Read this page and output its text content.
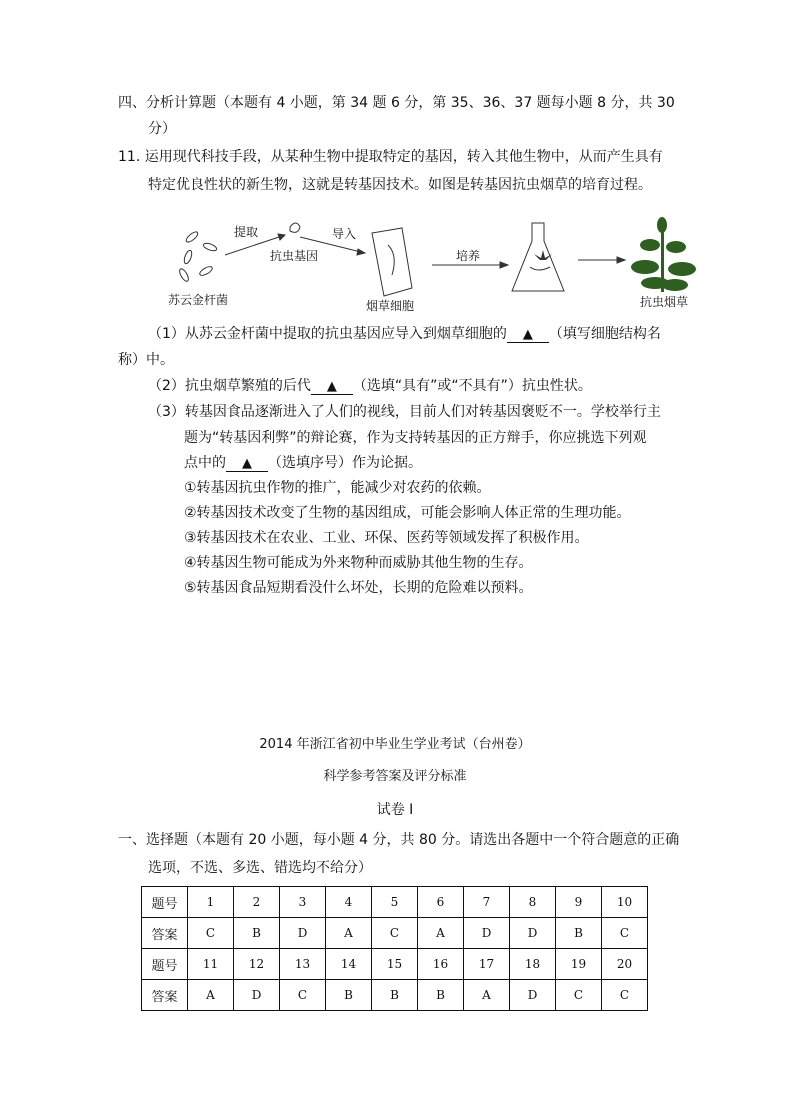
四、分析计算题（本题有 4 小题，第 34 题 6 分，第 35、36、37 题每小题 8 分，共 30
分）
11. 运用现代科技手段，从某种生物中提取特定的基因，转入其他生物中，从而产生具有
特定优良性状的新生物，这就是转基因技术。如图是转基因抗虫烟草的培育过程。
提取
抗虫基因
导入
苏云金杆菌	烟草细胞
培养
抗虫烟草
（1）从苏云金杆菌中提取的抗虫基因应导入到烟草细胞的 ▲ （填写细胞结构名
称）中。
（2）抗虫烟草繁殖的后代 ▲ （选填“具有”或“不具有”）抗虫性状。
（3）转基因食品逐渐进入了人们的视线，目前人们对转基因褒贬不一。学校举行主
题为“转基因利弊”的辩论赛，作为支持转基因的正方辩手，你应挑选下列观
点中的 ▲ （选填序号）作为论据。
①转基因抗虫作物的推广，能减少对农药的依赖。
②转基因技术改变了生物的基因组成，可能会影响人体正常的生理功能。
③转基因技术在农业、工业、环保、医药等领域发挥了积极作用。
④转基因生物可能成为外来物种而威胁其他生物的生存。
⑤转基因食品短期看没什么坏处，长期的危险难以预料。
2014 年浙江省初中毕业生学业考试（台州卷）
科学参考答案及评分标准
试卷 I
一、选择题（本题有 20 小题，每小题 4 分，共 80 分。请选出各题中一个符合题意的正确
选项，不选、多选、错选均不给分）
题号	1	2	3	4	5	6	7	8	9	10
答案	C	B	D	A	C	A	D	D	B	C
题号	11	12	13	14	15	16	17	18	19	20
答案	A	D	C	B	B	B	A	D	C	C
